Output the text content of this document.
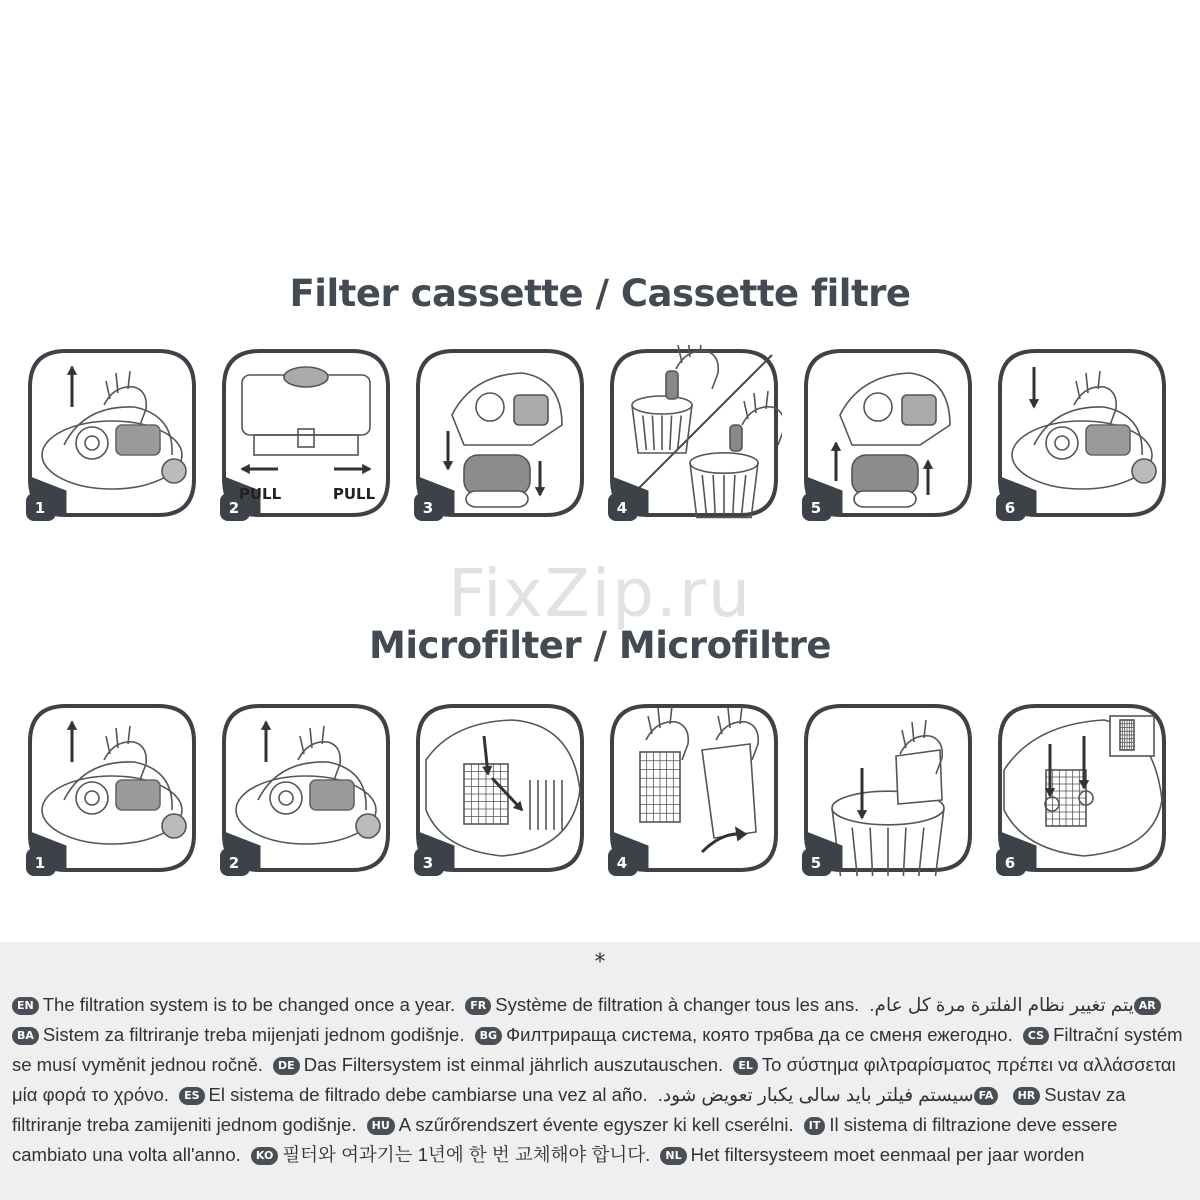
Filter cassette / Cassette filtre
1	2
PULL	PULL
3	4	5	6
FixZip.ru
Microfilter / Microfiltre
1	2	3	4	5	6
*
EN The filtration system is to be changed once a year. FR Système de filtration à changer tous les ans.	ARيتم تغيير نظام الفلترة مرة كل عام. BA Sistem za filtriranje treba mijenjati jednom godišnje. BG Филтриращa система, която трябва да се сменя ежегодно. CS Filtrační systém se musí vyměnit jednou ročně. DE Das Filtersystem ist einmal jährlich auszutauschen. EL Το σύστημα φιλτραρίσματος πρέπει να αλλάσσεται μία φορά το χρόνο. ES El sistema de filtrado debe cambiarse una vez al año.	FAسیستم فیلتر باید سالی یکبار تعویض شود.	HR Sustav za filtriranje treba zamijeniti jednom godišnje. HU A szűrőrendszert évente egyszer ki kell cserélni. IT Il sistema di filtrazione deve essere cambiato una volta all'anno. KO 필터와 여과기는 1년에 한 번 교체해야 합니다. NL Het filtersysteem moet eenmaal per jaar worden
